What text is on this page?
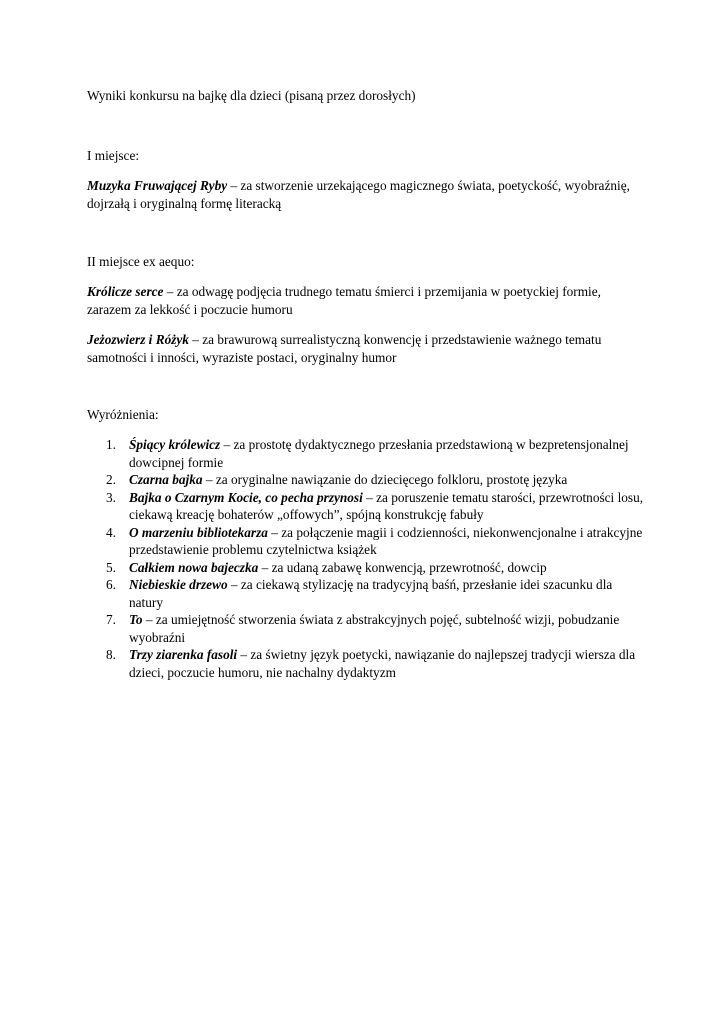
Wyniki konkursu na bajkę dla dzieci (pisaną przez dorosłych)
I miejsce:

Muzyka Fruwającej Ryby – za stworzenie urzekającego magicznego świata, poetyckość, wyobraźnię, dojrzałą i oryginalną formę literacką

II miejsce ex aequo:

Królicze serce – za odwagę podjęcia trudnego tematu śmierci i przemijania w poetyckiej formie, zarazem za lekkość i poczucie humoru

Jeżozwierz i Różyk – za brawurową surrealistyczną konwencję i przedstawienie ważnego tematu samotności i inności, wyraziste postaci, oryginalny humor

Wyróżnienia:
1. Śpiący królewicz – za prostotę dydaktycznego przesłania przedstawioną w bezpretensjonalnej dowcipnej formie
2. Czarna bajka – za oryginalne nawiązanie do dziecięcego folkloru, prostotę języka
3. Bajka o Czarnym Kocie, co pecha przynosi – za poruszenie tematu starości, przewrotności losu, ciekawą kreację bohaterów „offowych”, spójną konstrukcję fabuły
4. O marzeniu bibliotekarza – za połączenie magii i codzienności, niekonwencjonalne i atrakcyjne przedstawienie problemu czytelnictwa książek
5. Całkiem nowa bajeczka – za udaną zabawę konwencją, przewrotność, dowcip
6. Niebieskie drzewo – za ciekawą stylizację na tradycyjną baśń, przesłanie idei szacunku dla natury
7. To – za umiejętność stworzenia świata z abstrakcyjnych pojęć, subtelność wizji, pobudzanie wyobraźni
8. Trzy ziarenka fasoli – za świetny język poetycki, nawiązanie do najlepszej tradycji wiersza dla dzieci, poczucie humoru, nie nachalny dydaktyzm
